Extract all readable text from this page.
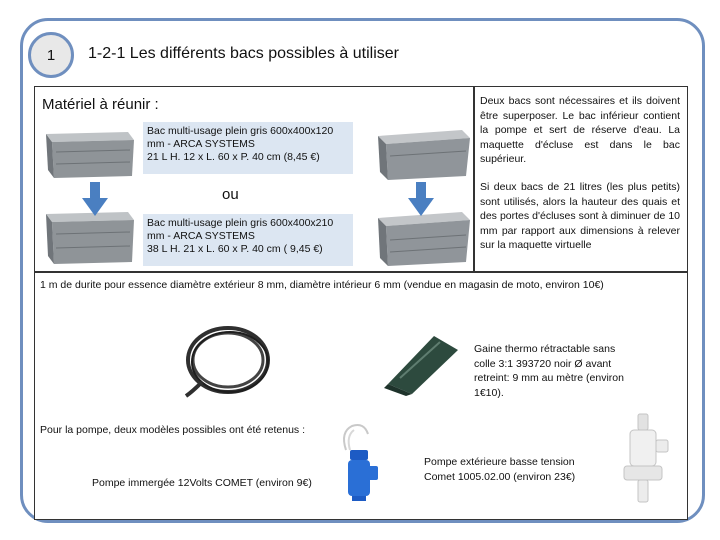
1 1-2-1 Les différents bacs possibles à utiliser
Matériel à réunir :
Bac multi-usage plein gris 600x400x120
mm - ARCA SYSTEMS
21 L H. 12 x L. 60 x P. 40 cm (8,45 €)
ou
Bac multi-usage plein gris 600x400x210
mm - ARCA SYSTEMS
38 L H. 21 x L. 60 x P. 40 cm ( 9,45 €)
Deux bacs sont nécessaires et ils doivent être superposer. Le bac inférieur contient la pompe et sert de réserve d'eau. La maquette d'écluse est dans le bac supérieur.
Si deux bacs de 21 litres (les plus petits) sont utilisés, alors la hauteur des quais et des portes d'écluses sont à diminuer de 10 mm par rapport aux dimensions à relever sur la maquette virtuelle
1 m de durite pour essence diamètre extérieur 8 mm, diamètre intérieur 6 mm (vendue en magasin de moto, environ 10€)
Gaine thermo rétractable sans
colle 3:1 393720 noir Ø avant
retreint: 9 mm au mètre (environ
1€10).
Pour la pompe, deux modèles possibles ont été retenus :
Pompe immergée 12Volts COMET (environ 9€)
Pompe extérieure basse tension
Comet 1005.02.00 (environ 23€)
